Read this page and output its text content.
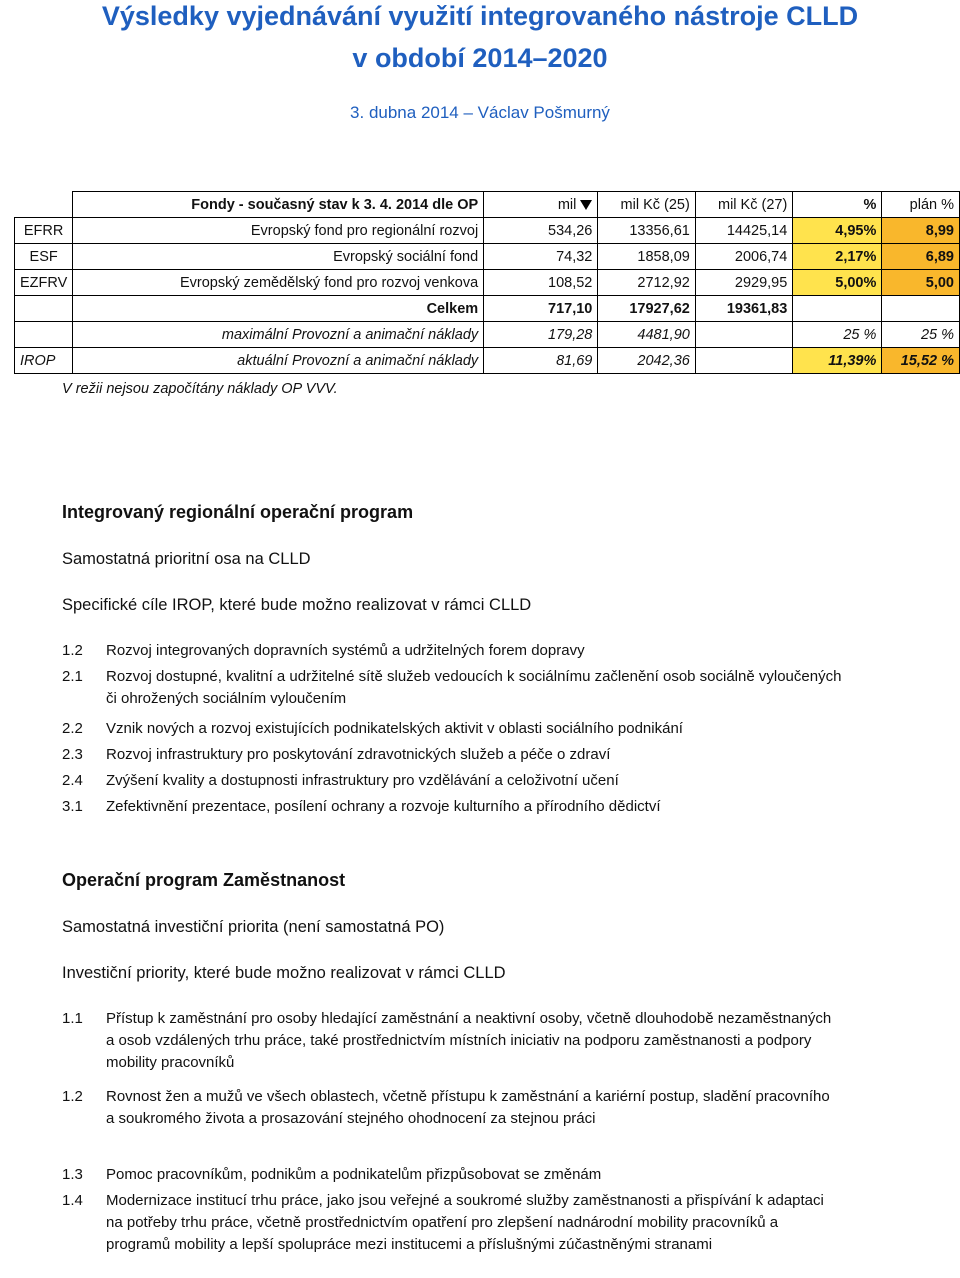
Výsledky vyjednávání využití integrovaného nástroje CLLD
v období 2014–2020
3. dubna 2014 – Václav Pošmurný
	Fondy - současný stav k 3. 4. 2014 dle OP	mil	mil Kč (25)	mil Kč (27)	%	plán %
EFRR	Evropský fond pro regionální rozvoj	534,26	13356,61	14425,14	4,95%	8,99
ESF	Evropský sociální fond	74,32	1858,09	2006,74	2,17%	6,89
EZFRV	Evropský zemědělský fond pro rozvoj venkova	108,52	2712,92	2929,95	5,00%	5,00
	Celkem	717,10	17927,62	19361,83		
	maximální Provozní a animační náklady	179,28	4481,90		25 %	25 %
IROP	aktuální Provozní a animační náklady	81,69	2042,36		11,39%	15,52 %
V režii nejsou započítány náklady OP VVV.
Integrovaný regionální operační program
Samostatná prioritní osa na CLLD
Specifické cíle IROP, které bude možno realizovat v rámci CLLD
1.2	Rozvoj integrovaných dopravních systémů a udržitelných forem dopravy
2.1	Rozvoj dostupné, kvalitní a udržitelné sítě služeb vedoucích k sociálnímu začlenění osob sociálně vyloučených či ohrožených sociálním vyloučením
2.2	Vznik nových a rozvoj existujících podnikatelských aktivit v oblasti sociálního podnikání
2.3	Rozvoj infrastruktury pro poskytování zdravotnických služeb a péče o zdraví
2.4	Zvýšení kvality a dostupnosti infrastruktury pro vzdělávání a celoživotní učení
3.1	Zefektivnění prezentace, posílení ochrany a rozvoje kulturního a přírodního dědictví
Operační program Zaměstnanost
Samostatná investiční priorita (není samostatná PO)
Investiční priority, které bude možno realizovat v rámci CLLD
1.1	Přístup k zaměstnání pro osoby hledající zaměstnání a neaktivní osoby, včetně dlouhodobě nezaměstnaných a osob vzdálených trhu práce, také prostřednictvím místních iniciativ na podporu zaměstnanosti a podpory mobility pracovníků
1.2	Rovnost žen a mužů ve všech oblastech, včetně přístupu k zaměstnání a kariérní postup, sladění pracovního a soukromého života a prosazování stejného ohodnocení za stejnou práci
1.3	Pomoc pracovníkům, podnikům a podnikatelům přizpůsobovat se změnám
1.4	Modernizace institucí trhu práce, jako jsou veřejné a soukromé služby zaměstnanosti a přispívání k adaptaci na potřeby trhu práce, včetně prostřednictvím opatření pro zlepšení nadnárodní mobility pracovníků a programů mobility a lepší spolupráce mezi institucemi a příslušnými zúčastněnými stranami
